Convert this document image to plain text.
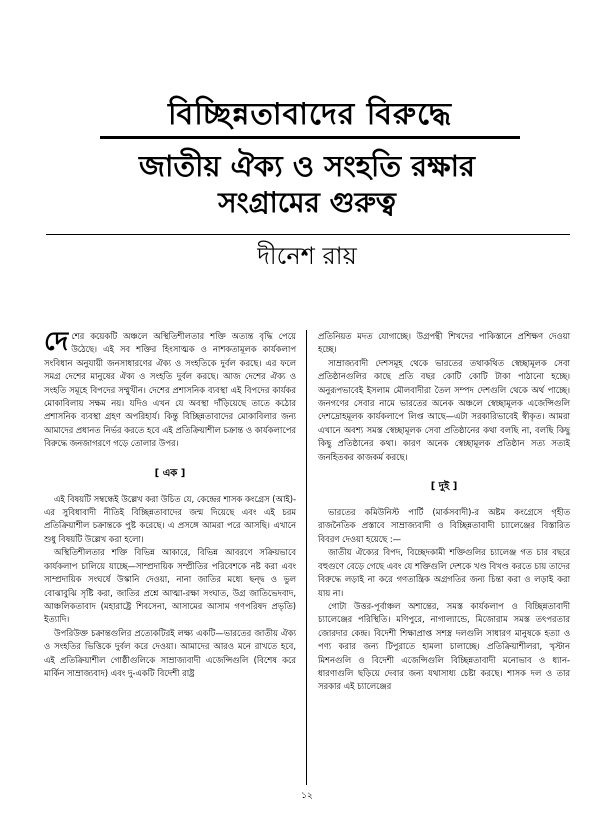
বিচ্ছিন্নতাবাদের বিরুদ্ধে
জাতীয় ঐক্য ও সংহতি রক্ষার
সংগ্রামের গুরুত্ব
দীনেশ রায়

দেশের কয়েকটি অঞ্চলে অস্থিতিশীলতার শক্তি অত্যন্ত বৃদ্ধি পেয়ে উঠেছে। এই সব শক্তির হিংসাত্মক ও নাশকতামূলক কার্যকলাপ সংবিধান অনুযায়ী জনসাধারণের ঐক্য ও সংহতিকে দুর্বল করছে। এর ফলে সমগ্র দেশের মানুষের ঐক্য ও সংহতি দুর্বল করছে। আজ দেশের ঐক্য ও সংহতি সমূহে বিপদের সম্মুখীন। দেশের প্রশাসনিক ব্যবস্থা এই বিপদের কার্যকর মোকাবিলায় সক্ষম নয়। যদিও এখন যে অবস্থা দাঁড়িয়েছে তাতে কঠোর প্রশাসনিক ব্যবস্থা গ্রহণ অপরিহার্য। কিন্তু বিচ্ছিন্নতাবাদের মোকাবিলার জন্য আমাদের প্রধানত নির্ভর করতে হবে এই প্রতিক্রিয়াশীল চক্রান্ত ও কার্যকলাপের বিরুদ্ধে জনজাগরণে গড়ে তোলার উপর।

[ এক ]

এই বিষয়টি সম্বন্ধেই উল্লেখ করা উচিত যে, কেন্দ্রের শাসক কংগ্রেস (আই)-এর সুবিধাবাদী নীতিই বিচ্ছিন্নতাবাদের জন্ম দিয়েছে এবং এই চরম প্রতিক্রিয়াশীল চক্রান্তকে পুষ্ট করেছে। এ প্রসঙ্গে আমরা পরে আসছি। এখানে শুধু বিষয়টি উল্লেখ করা হলো।

অস্থিতিশীলতার শক্তি বিভিন্ন আকারে, বিভিন্ন আবরণে সক্রিয়ভাবে কার্যকলাপ চালিয়ে যাচ্ছে—সাম্প্রদায়িক সম্প্রীতির পরিবেশকে নষ্ট করা এবং সাম্প্রদায়িক সংঘর্ষে উস্কানি দেওয়া, নানা জাতির মধ্যে ছন্দ্ব ও ভুল বোঝাবুঝি সৃষ্টি করা, জাতির প্রশ্নে আত্মা-রক্ষা সংঘাত, উগ্র জাতিভেদবাদ, আঞ্চলিকতাবাদ (মহারাষ্ট্রে শিবসেনা, আসামের আসাম গণপরিষদ প্রভৃতি) ইত্যাদি।

উপরিউক্ত চক্রান্তগুলির প্রত্যেকটিরই লক্ষ্য একটি—ভারতের জাতীয় ঐক্য ও সংহতির ভিত্তিকে দুর্বল করে দেওয়া। আমাদের আরও মনে রাখতে হবে, এই প্রতিক্রিয়াশীল গোষ্ঠীগুলিকে সাম্রাজ্যবাদী এজেন্সিগুলি (বিশেষ করে মার্কিন সাম্রাজ্যবাদ) এবং দু-একটি বিদেশী রাষ্ট্র

প্রতিনিয়ত মদত যোগাচ্ছে। উগ্রপন্থী শিখদের পাকিস্তানে প্রশিক্ষণ দেওয়া হচ্ছে।

সাম্রাজ্যবাদী দেশসমূহ থেকে ভারতের তথাকথিত স্বেচ্ছামূলক সেবা প্রতিষ্ঠানগুলির কাছে প্রতি বছর কোটি কোটি টাকা পাঠানো হচ্ছে। অনুরূপভাবেই ইসলাম মৌলবাদীরা তৈল সম্পদ দেশগুলি থেকে অর্থ পাচ্ছে। জনগণের সেবার নামে ভারতের অনেক অঞ্চলে স্বেচ্ছামূলক এজেন্সিগুলি দেশদ্রোহমূলক কার্যকলাপে লিপ্ত আছে—এটা সরকারিভাবেই স্বীকৃত। আমরা এখানে অবশ্য সমস্ত স্বেচ্ছামূলক সেবা প্রতিষ্ঠানের কথা বলছি না, বলছি কিছু কিছু প্রতিষ্ঠানের কথা। কারণ অনেক স্বেচ্ছামূলক প্রতিষ্ঠান সত্য সত্যই জনহিতকর কাজকর্ম করছে।

[ দুই ]

ভারতের কমিউনিস্ট পার্টি (মার্কসবাদী)-র অষ্টম কংগ্রেসে গৃহীত রাজনৈতিক প্রস্তাবে সাম্রাজ্যবাদী ও বিচ্ছিন্নতাবাদী চ্যালেঞ্জের বিস্তারিত বিবরণ দেওয়া হয়েছে :—

জাতীয় ঐক্যের বিপদ, বিচ্ছেদকামী শক্তিগুলির চ্যালেঞ্জ গত চার বছরে বহুগুণে বেড়ে গেছে এবং যে শক্তিগুলি দেশকে খণ্ড বিখণ্ড করতে চায় তাদের বিরুদ্ধে লড়াই না করে গণতান্ত্রিক অগ্রগতির জন্য চিন্তা করা ও লড়াই করা যায় না।

গোটা উত্তর-পূর্বাঞ্চল অশান্তের, সমস্ত কার্যকলাপ ও বিচ্ছিন্নতাবাদী চ্যালেঞ্জের পরিস্থিতি। মণিপুরে, নাগাল্যান্ডে, মিজোরাম সমস্ত তৎপরতার জোরদার কেন্দ্র। বিদেশী শিক্ষাপ্রাপ্ত সশস্ত্র দলগুলি সাধারণ মানুষকে হত্যা ও পণ্য করার জন্য টিপুরাতে হামলা চালাচ্ছে। প্রতিক্রিয়াশীলরা, খৃস্টান মিশনগুলি ও বিদেশী এজেন্সিগুলি বিচ্ছিন্নতাবাদী মনোভাব ও ধ্যান-ধারণাগুলি ছড়িয়ে দেবার জন্য যথাসাধ্য চেষ্টা করছে। শাসক দল ও তার সরকার এই চ্যালেঞ্জের

১২
